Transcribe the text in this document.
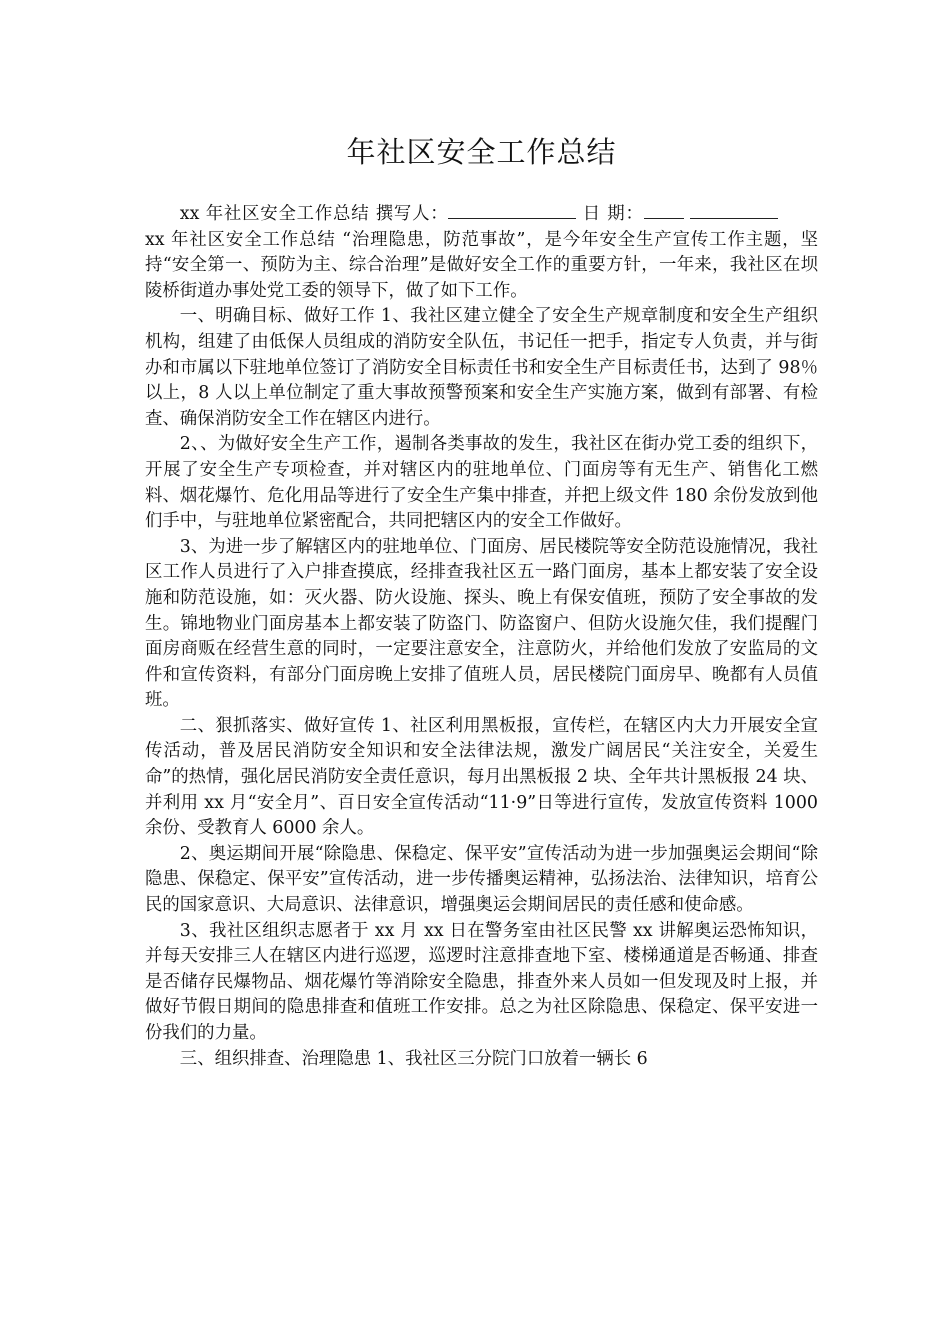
年社区安全工作总结

xx 年社区安全工作总结 撰写人：	日 期： xx 年社区安全工作总结 “治理隐患，防范事故”，是今年安全生产宣传工作主题，坚持“安全第一、预防为主、综合治理”是做好安全工作的重要方针，一年来，我社区在坝陵桥街道办事处党工委的领导下，做了如下工作。

一、明确目标、做好工作 1、我社区建立健全了安全生产规章制度和安全生产组织机构，组建了由低保人员组成的消防安全队伍，书记任一把手，指定专人负责，并与街办和市属以下驻地单位签订了消防安全目标责任书和安全生产目标责任书，达到了 98％以上，8 人以上单位制定了重大事故预警预案和安全生产实施方案，做到有部署、有检查、确保消防安全工作在辖区内进行。

2、、为做好安全生产工作，遏制各类事故的发生，我社区在街办党工委的组织下，开展了安全生产专项检查，并对辖区内的驻地单位、门面房等有无生产、销售化工燃料、烟花爆竹、危化用品等进行了安全生产集中排查，并把上级文件 180 余份发放到他们手中，与驻地单位紧密配合，共同把辖区内的安全工作做好。

3、为进一步了解辖区内的驻地单位、门面房、居民楼院等安全防范设施情况，我社区工作人员进行了入户排查摸底，经排查我社区五一路门面房，基本上都安装了安全设施和防范设施，如：灭火器、防火设施、探头、晚上有保安值班，预防了安全事故的发生。锦地物业门面房基本上都安装了防盗门、防盗窗户、但防火设施欠佳，我们提醒门面房商贩在经营生意的同时，一定要注意安全，注意防火，并给他们发放了安监局的文件和宣传资料，有部分门面房晚上安排了值班人员，居民楼院门面房早、晚都有人员值班。

二、狠抓落实、做好宣传 1、社区利用黑板报，宣传栏，在辖区内大力开展安全宣传活动，普及居民消防安全知识和安全法律法规，激发广阔居民“关注安全，关爱生命”的热情，强化居民消防安全责任意识，每月出黑板报 2 块、全年共计黑板报 24 块、并利用 xx 月“安全月”、百日安全宣传活动“11·9”日等进行宣传，发放宣传资料 1000 余份、受教育人 6000 余人。

2、奥运期间开展“除隐患、保稳定、保平安”宣传活动为进一步加强奥运会期间“除隐患、保稳定、保平安”宣传活动，进一步传播奥运精神，弘扬法治、法律知识，培育公民的国家意识、大局意识、法律意识，增强奥运会期间居民的责任感和使命感。

3、我社区组织志愿者于 xx 月 xx 日在警务室由社区民警 xx 讲解奥运恐怖知识，并每天安排三人在辖区内进行巡逻，巡逻时注意排查地下室、楼梯通道是否畅通、排查是否储存民爆物品、烟花爆竹等消除安全隐患，排查外来人员如一但发现及时上报，并做好节假日期间的隐患排查和值班工作安排。总之为社区除隐患、保稳定、保平安进一份我们的力量。

三、组织排查、治理隐患 1、我社区三分院门口放着一辆长 6
